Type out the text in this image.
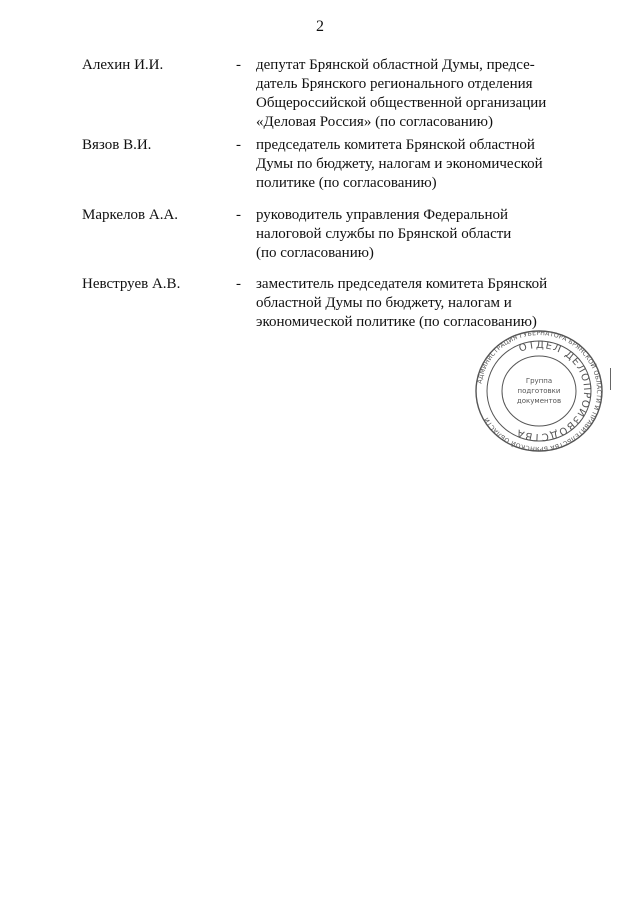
2
Алехин И.И.	- депутат Брянской областной Думы, предсе-
датель Брянского регионального отделения
Общероссийской общественной организации
«Деловая Россия» (по согласованию)
Вязов В.И.	- председатель комитета Брянской областной
Думы по бюджету, налогам и экономической
политике (по согласованию)
Маркелов А.А.	- руководитель управления Федеральной
налоговой службы по Брянской области
(по согласованию)
Невструев А.В.	- заместитель председателя комитета Брянской
областной Думы по бюджету, налогам и
экономической политике (по согласованию)
АДМИНИСТРАЦИЯ ГУБЕРНАТОРА БРЯНСКОЙ ОБЛАСТИ И ПРАВИТЕЛЬСТВА БРЯНСКОЙ ОБЛАСТИ
ОТДЕЛ ДЕЛОПРОИЗВОДСТВА
Группа
подготовки
документов
